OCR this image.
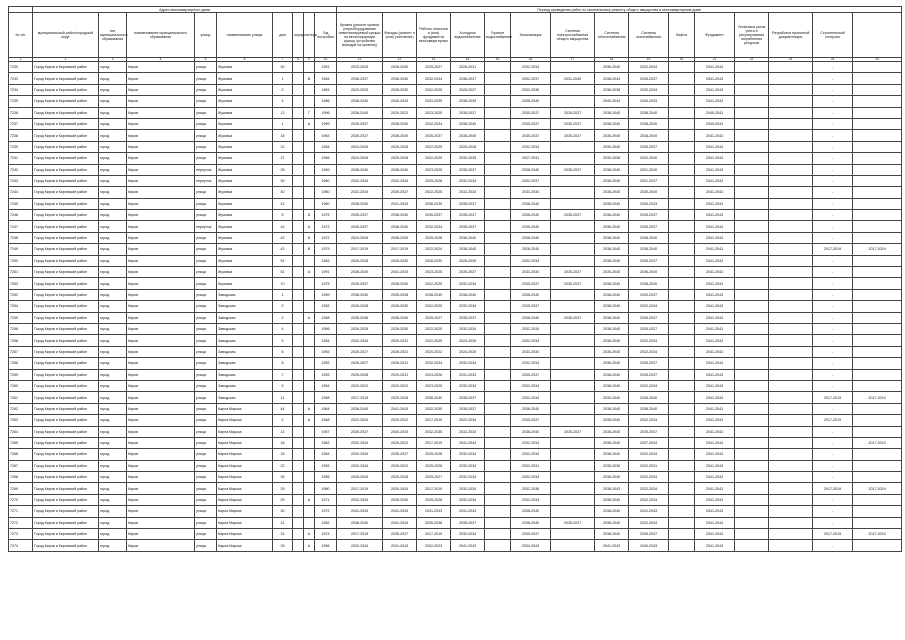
	Адрес многоквартирного дома									Период проведения работ по капитальному ремонту общего имущества в многоквартирном доме														
№ п/п	муниципальный район/городской округ	тип муниципального образования	наименование муниципального образования	улица	наименование улицы	дом	корпус	литера	Год постройки	Кровля (ремонт кровли (переоборудование невентилируемой крыши на вентилируемую крышу, устройство выходов на кровлю))	Фасады (ремонт и (или) утепление)	Работы отмостки и (или) фундамента многоквартирных	Холодное водоснабжение	Горячее водоснабжение	Канализация	Система электроснабжения общего имущества	Система теплоснабжения	Система газоснабжения	Лифты	Фундамент	Установка узлов учета и регулирования потребления ресурсов	Разработка проектной документации	Строительный контроль	
1	2	3	4	5	6	7	8	9	10	11	12	13	14	15	16	17	18	19	20	21	22	23	24	25
7230	Город Киров и Кировский район	город	Киров	улица	Жуковка	30			1951	2023-2025	2028-2030	2025-2027	2028-2031		2032-2034		2036-2040	2032-2034		2041-2043			-	
7233	Город Киров и Кировский район	город	Киров	улица	Жуковка	1		В	1964	2036-2037	2036-2040	2032-2034	2036-2037		2032-2037	2031-2040	2038-2044	2035-2037		2041-2043			-	
7234	Город Киров и Кировский район	город	Киров	улица	Жуковка	2			1981	2023-2025	2028-2030	2022-2025	2025-2027		2032-2036		2036-2038	2030-2034		2041-2043			-	
7235	Город Киров и Кировский район	город	Киров	улица	Жуковка	4			1986	2038-2040	2040-2043	2033-2035	2038-2039		2038-2040		2040-2043	2040-2043		2041-2043			-	
7236	Город Киров и Кировский район	город	Киров	улица	Жуковка	12		Г	1996	2038-2040	2020-2022	2023-2025	2035-2037		2035-2037	2035-2037	2038-2040	2038-2040		2040-2043			-	
7237	Город Киров и Кировский район	город	Киров	улица	Жуковка	1		А	1999	2035-2037	2038-2040	2032-2034	2038-2040		2035-2037	2035-2037	2038-2040	2038-2040		2040-2043			-	
7238	Город Киров и Кировский район	город	Киров	улица	Жуковка	18			1963	2035-2037	2038-2040	2035-2037	2038-2040		2035-2037	2035-2037	2036-2040	2038-2040		2041-2043			-	
7239	Город Киров и Кировский район	город	Киров	улица	Жуковка	22			1954	2024-2026	2025-2028	2022-2025	2025-2028		2032-2034		2030-2040	2035-2037		2041-2043			-	
7241	Город Киров и Кировский район	город	Киров	улица	Жуковка	27			1956	2024-2026	2025-2028	2022-2025	2030-2035		2027-2031		2030-2036	2032-2040		2041-2043			-	
7242	Город Киров и Кировский район	город	Киров	переулок	Жуковка	28			1969	2038-2040	2038-2040	2023-2025	2035-2037		2038-2040	2035-2037	2038-2040	2031-2040		2041-2043			-	
7243	Город Киров и Кировский район	город	Киров	переулок	Жуковка	30			1960	2032-2034	2032-2034	2025-2028	2032-2034		2032-2037		2036-2040	2031-2037		2041-2043			-	
7244	Город Киров и Кировский район	город	Киров	улица	Жуковка	40			1960	2032-2034	2035-2037	2022-2025	2032-2034		2032-2034		2038-2040	2030-2040		2041-2043			-	
7245	Город Киров и Кировский район	город	Киров	улица	Жуковка	42			1960	2038-2040	2041-2043	2038-2039	2035-2037		2038-2040		2035-2040	2040-2043		2041-2043			-	
7246	Город Киров и Кировский район	город	Киров	улица	Жуковка	5		Б	1975	2035-2037	2038-2040	2035-2037	2035-2037		2036-2040	2035-2037	2036-2040	2035-2037		2041-2043			-	
7247	Город Киров и Кировский район	город	Киров	переулок	Жуковка	42		А	1973	2035-2037	2038-2040	2032-2034	2035-2037		2035-2040		2036-2040	2035-2037		2041-2043			-	
7248	Город Киров и Кировский район	город	Киров	улица	Жуковка	42		Б	1972	2024-2026	2038-2039	2025-2028	2036-2040		2038-2040		2038-2040	2038-2040		2041-2043			-	
7249	Город Киров и Кировский район	город	Киров	улица	Жуковка	42		В	1979	2017-2019	2017-2019	2022-2024	2038-2040		2028-2040		2036-2040	2036-2040		2041-2043			2017-2019	2017-2019
7250	Город Киров и Кировский район	город	Киров	улица	Жуковка	51			1963	2026-2028	2028-2030	2028-2030	2028-2030		2032-2034		2038-2040	2035-2037		2041-2043			-	
7251	Город Киров и Кировский район	город	Киров	улица	Жуковка	51		А	1991	2038-2040	2041-2043	2023-2025	2035-2037		2032-2034	2035-2037	2030-2040	2036-2040		2041-2043			-	
7253	Город Киров и Кировский район	город	Киров	улица	Жуковка	70			1975	2035-2037	2038-2040	2022-2025	2032-2034		2035-2037	2035-2037	2038-2040	2038-2040		2041-2043			-	
7252	Город Киров и Кировский район	город	Киров	улица	Заводская	1			1959	2038-2040	2035-2038	2038-2040	2038-2040		2038-2040		2038-2040	2030-2037		2041-2043			-	
7254	Город Киров и Кировский район	город	Киров	улица	Заводская	2			1953	2026-2028	2028-2030	2022-2025	2032-2034		2035-2037		2038-2040	2032-2034		2041-2043			-	
7255	Город Киров и Кировский район	город	Киров	улица	Заводская	2		А	1958	2035-2036	2036-2040	2025-2027	2035-2037		2038-2040	2035-2037	2038-2040	2035-2037		2041-2043			-	
7256	Город Киров и Кировский район	город	Киров	улица	Заводская	4			1956	2026-2028	2028-2030	2022-2025	2032-2034		2032-2034		2038-2040	2035-2037		2041-2043			-	
7258	Город Киров и Кировский район	город	Киров	улица	Заводская	5			1954	2032-2034	2029-2031	2022-2025	2024-2026		2032-2034		2036-2040	2032-2034		2041-2043			-	
7257	Город Киров и Кировский район	город	Киров	улица	Заводская	6			1955	2025-2027	2028-2031	2020-2022	2024-2026		2032-2034		2036-2040	2032-2034		2041-2043			-	
7256	Город Киров и Кировский район	город	Киров	улица	Заводская	8			1953	2026-2027	2028-2031	2032-2034	2032-2034		2032-2034		2036-2040	2035-2037		2041-2043			-	
7259	Город Киров и Кировский район	город	Киров	улица	Заводская	7			1953	2026-2028	2029-2031	2024-2026	2031-2033		2035-2037		2038-2040	2035-2037		2041-2043			-	
7260	Город Киров и Кировский район	город	Киров	улица	Заводская	9			1954	2020-2022	2020-2022	2023-2025	2032-2034		2032-2034		2038-2040	2032-2034		2041-2043			-	
7261	Город Киров и Кировский район	город	Киров	улица	Заводская	11			1958	2017-2019	2025-2028	2038-2040	2035-2037		2032-2034		2030-2040	2036-2040		2041-2043			2017-2019	2017-2019
7262	Город Киров и Кировский район	город	Киров	улица	Карла Маркса	44		А	1964	2038-2040	2041-2043	2032-2035	2035-2037		2038-2040		2038-2040	2038-2040		2041-2043			-	
7263	Город Киров и Кировский район	город	Киров	улица	Карла Маркса	2		А	1948	2022-2024	2020-2022	2017-2019	2022-2034		2035-2037		2035-2040	2032-2034		2041-2043			2017-2019	
7264	Город Киров и Кировский район	город	Киров	улица	Карла Маркса	13			1957	2035-2037	2040-2043	2032-2035	2032-2034		2038-2040	2035-2037	2038-2040	2035-2037		2041-2043			-	
7265	Город Киров и Кировский район	город	Киров	улица	Карла Маркса	16			1963	2032-2034	2025-2022	2017-2019	2041-2043		2032-2034		2038-2040	2037-2034		2041-2043			-	2017-2019
7266	Город Киров и Кировский район	город	Киров	улица	Карла Маркса	18			1964	2032-2034	2035-2037	2025-2028	2032-2034		2032-2034		2038-2040	2032-2034		2041-2043			-	
7267	Город Киров и Кировский район	город	Киров	улица	Карла Маркса	22			1953	2032-2034	2026-2022	2025-2028	2032-2034		2032-2031		2035-2036	2032-2031		2041-2043			-	
7268	Город Киров и Кировский район	город	Киров	улица	Карла Маркса	26			1955	2028-2026	2025-2028	2025-2027	2032-2034		2032-2034		2036-2040	2032-2034		2041-2043			-	
7269	Город Киров и Кировский район	город	Киров	улица	Карла Маркса	29			1980	2017-2019	2030-2034	2017-2019	2032-2034		2032-2036		2038-2043	2032-2034		2041-2043			2017-2019	2017-2019
7270	Город Киров и Кировский район	город	Киров	улица	Карла Маркса	29		А	1971	2032-2034	2036-2040	2025-2028	2032-2034		2032-2034		2036-2040	2032-2034		2041-2043			-	
7271	Город Киров и Кировский район	город	Киров	улица	Карла Маркса	30			1972	2041-2043	2041-2043	2041-2043	2041-2043		2038-2040		2038-2040	2041-2043		2041-2043			-	
7272	Город Киров и Кировский район	город	Киров	улица	Карла Маркса	31			1952	2038-2040	2041-2043	2035-2038	2035-2037		2038-2040	2035-2037	2038-2040	2032-2034		2041-2043			-	
7273	Город Киров и Кировский район	город	Киров	улица	Карла Маркса	31		А	1974	2017-2019	2035-2037	2017-2019	2032-2034		2035-2037		2038-2040	2035-2037		2041-2043			2017-2019	2017-2019
7274	Город Киров и Кировский район	город	Киров	улица	Карла Маркса	33		А	1956	2032-2034	2041-2043	2022-2023	2041-2043		2034-2043		2041-2043	2040-2043		2041-2043			-	
